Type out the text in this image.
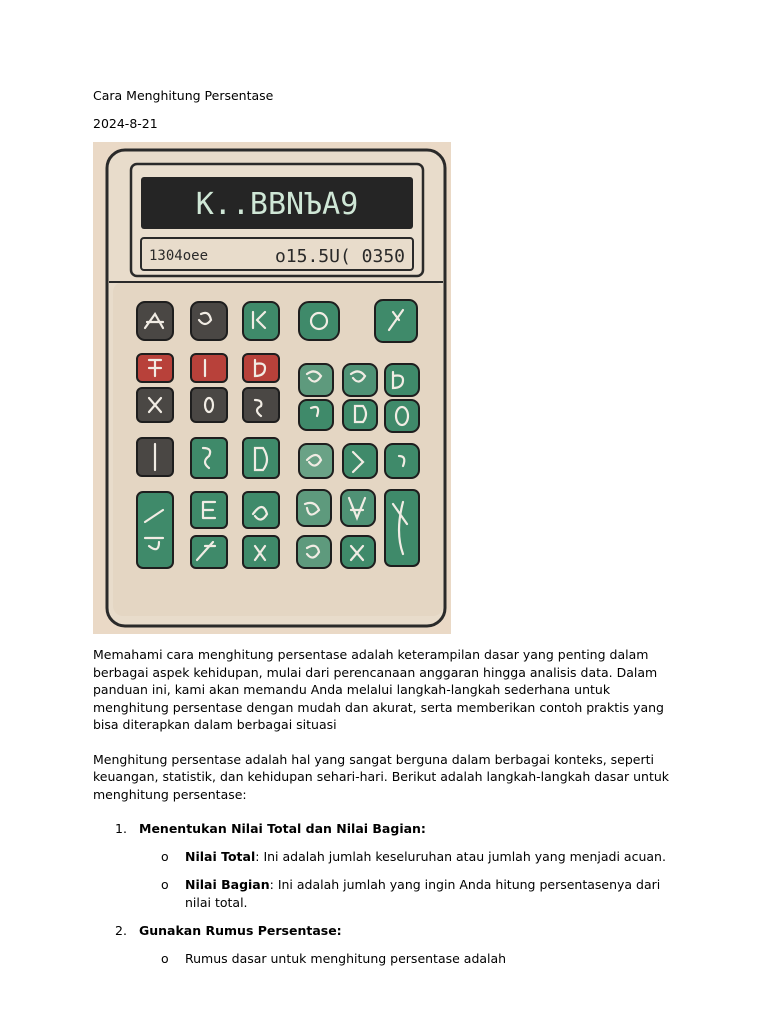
Cara Menghitung Persentase
2024-8-21
K..BBNЪA9
1304oee	o15.5U( 0350

Memahami cara menghitung persentase adalah keterampilan dasar yang penting dalam berbagai aspek kehidupan, mulai dari perencanaan anggaran hingga analisis data. Dalam panduan ini, kami akan memandu Anda melalui langkah-langkah sederhana untuk menghitung persentase dengan mudah dan akurat, serta memberikan contoh praktis yang bisa diterapkan dalam berbagai situasi

Menghitung persentase adalah hal yang sangat berguna dalam berbagai konteks, seperti keuangan, statistik, dan kehidupan sehari-hari. Berikut adalah langkah-langkah dasar untuk menghitung persentase:

1. Menentukan Nilai Total dan Nilai Bagian:
o Nilai Total: Ini adalah jumlah keseluruhan atau jumlah yang menjadi acuan.
o Nilai Bagian: Ini adalah jumlah yang ingin Anda hitung persentasenya dari nilai total.
2. Gunakan Rumus Persentase:
o Rumus dasar untuk menghitung persentase adalah
